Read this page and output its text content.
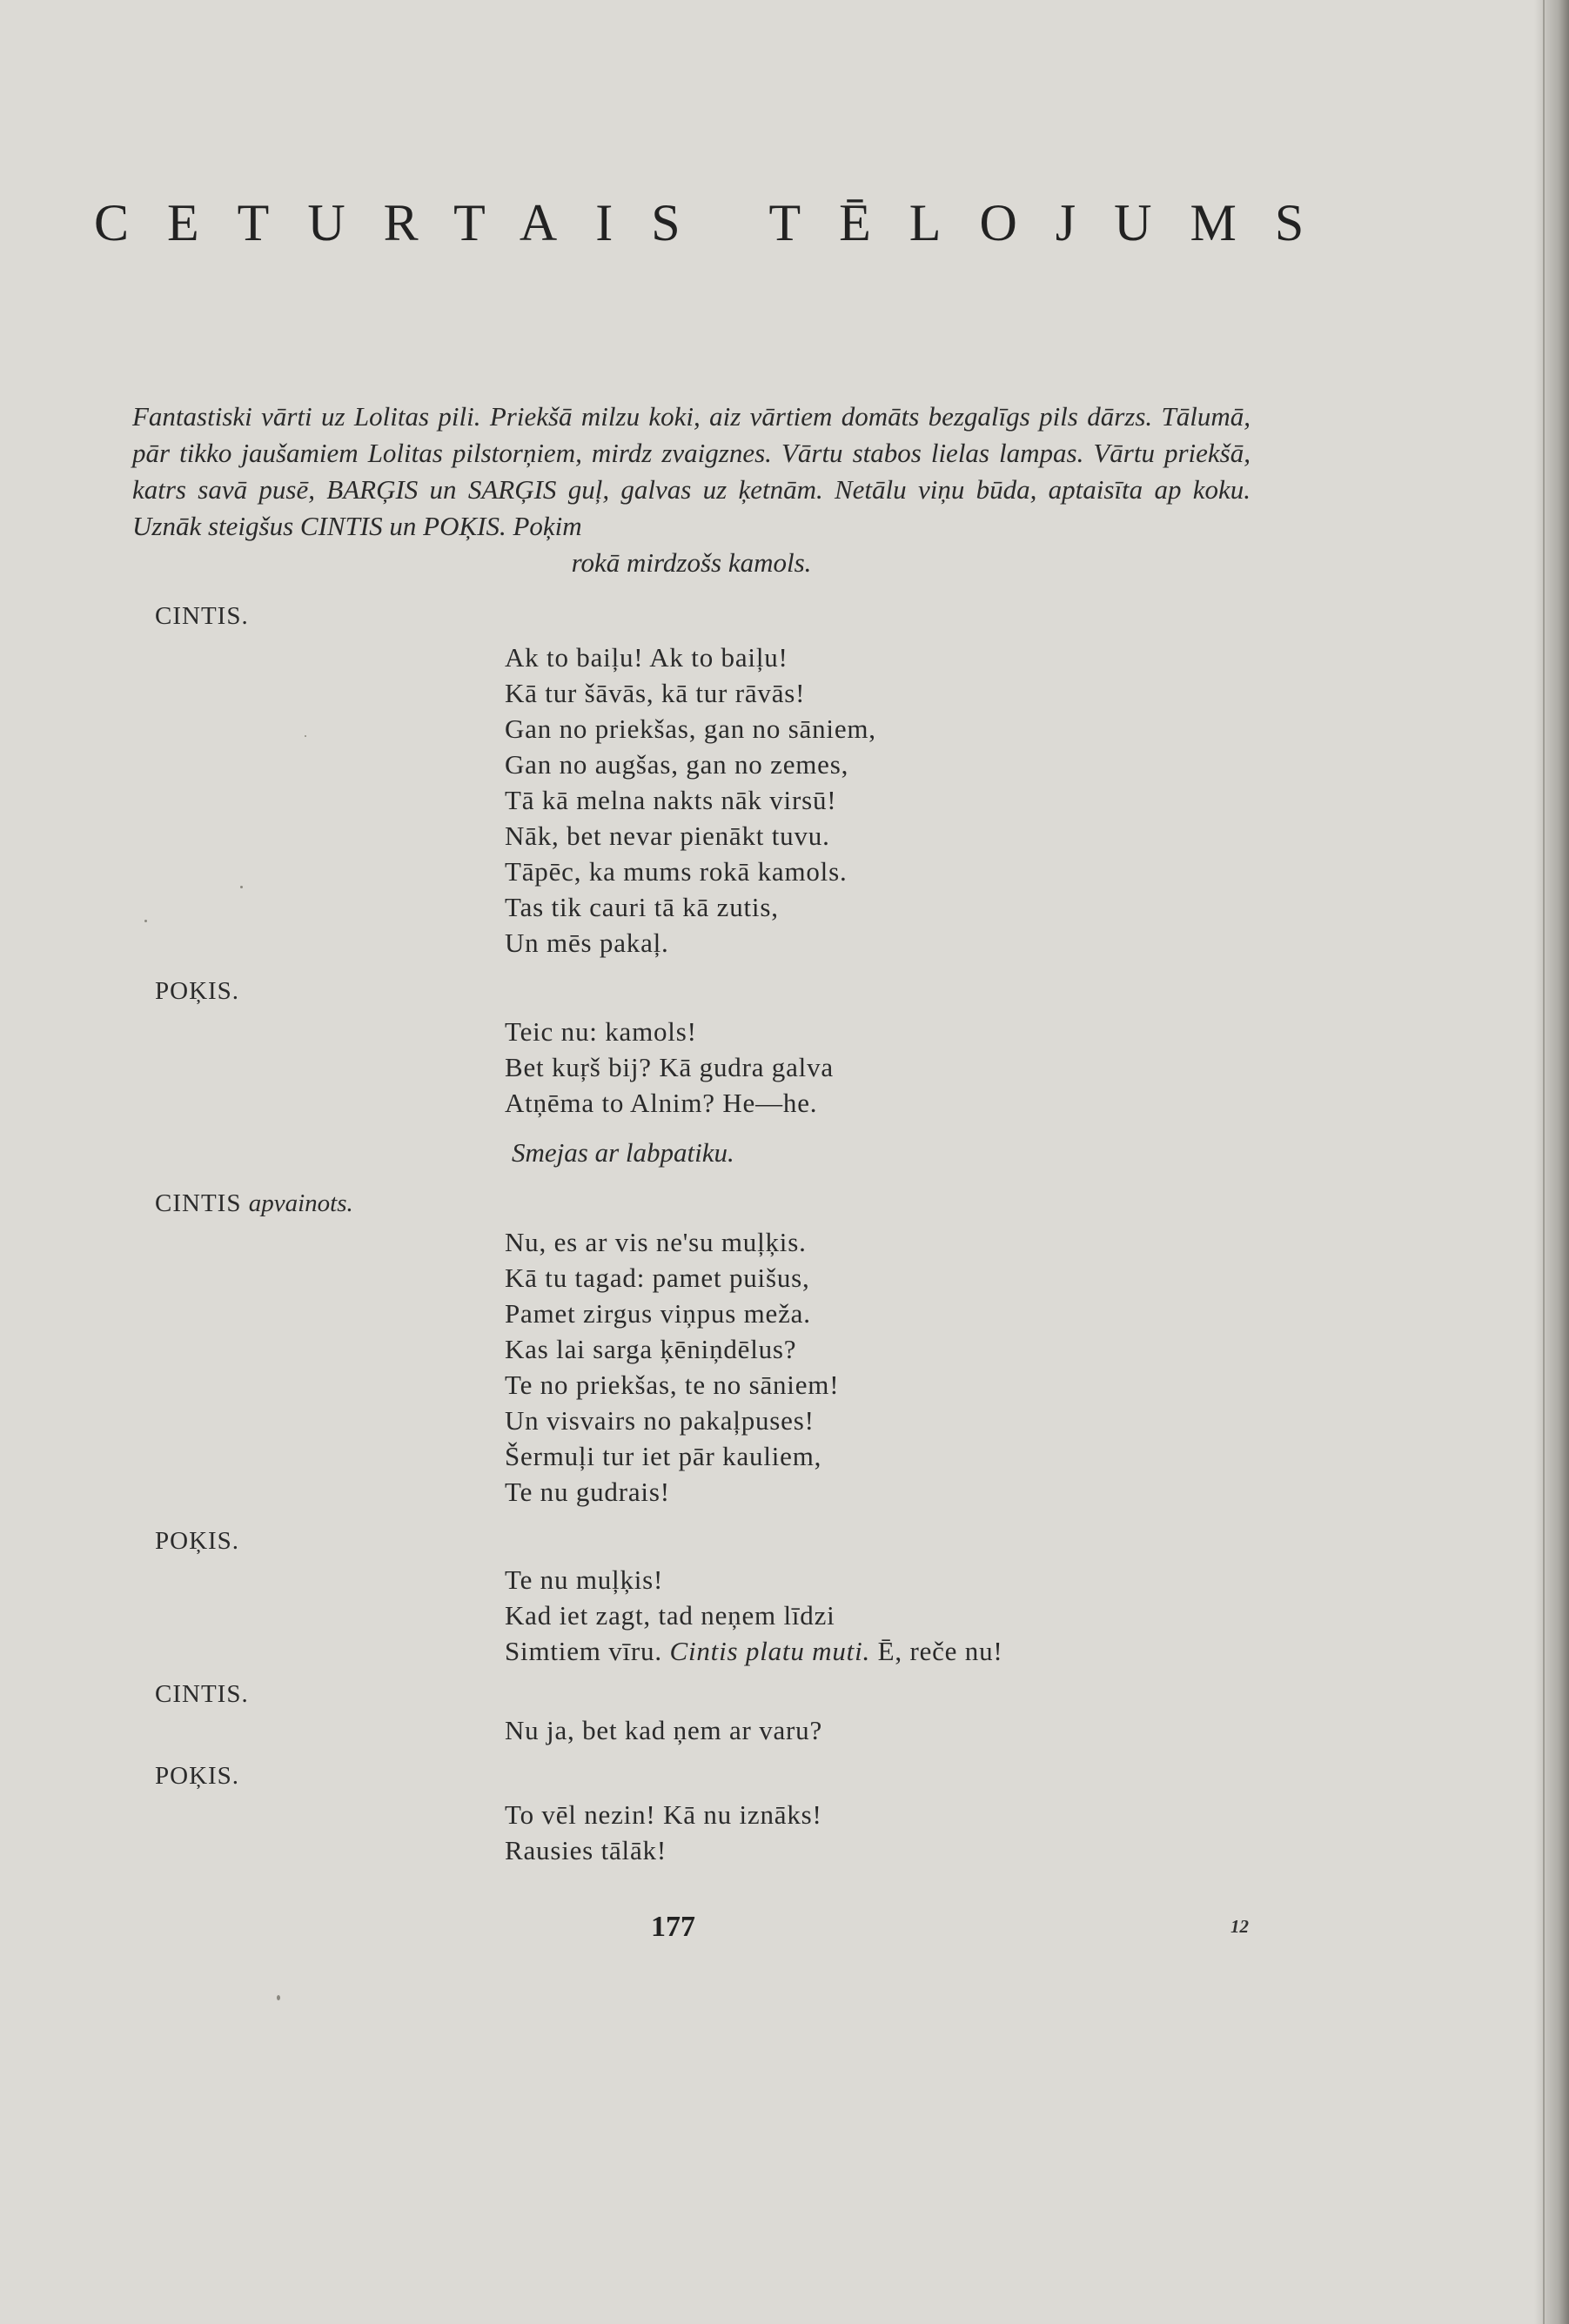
CETURTAIS TĒLOJUMS

Fantastiski vārti uz Lolitas pili. Priekšā milzu koki, aiz vārtiem domāts bezgalīgs pils dārzs. Tālumā, pār tikko jaušamiem Lolitas pilstorņiem, mirdz zvaigznes. Vārtu stabos lielas lampas. Vārtu priekšā, katrs savā pusē, BARĢIS un SARĢIS guļ, galvas uz ķetnām. Netālu viņu būda, aptaisīta ap koku. Uznāk steigšus CINTIS un POĶIS. Poķim
rokā mirdzošs kamols.

CINTIS.
Ak to baiļu! Ak to baiļu!
Kā tur šāvās, kā tur rāvās!
Gan no priekšas, gan no sāniem,
Gan no augšas, gan no zemes,
Tā kā melna nakts nāk virsū!
Nāk, bet nevar pienākt tuvu.
Tāpēc, ka mums rokā kamols.
Tas tik cauri tā kā zutis,
Un mēs pakaļ.
POĶIS.
Teic nu: kamols!
Bet kuŗš bij? Kā gudra galva
Atņēma to Alnim? He—he.
Smejas ar labpatiku.
CINTIS apvainots.
Nu, es ar vis ne'su muļķis.
Kā tu tagad: pamet puišus,
Pamet zirgus viņpus meža.
Kas lai sarga ķēniņdēlus?
Te no priekšas, te no sāniem!
Un visvairs no pakaļpuses!
Šermuļi tur iet pār kauliem,
Te nu gudrais!
POĶIS.
Te nu muļķis!
Kad iet zagt, tad neņem līdzi
Simtiem vīru. Cintis platu muti. Ē, reče nu!
CINTIS.
Nu ja, bet kad ņem ar varu?
POĶIS.
To vēl nezin! Kā nu iznāks!
Rausies tālāk!
177	12
